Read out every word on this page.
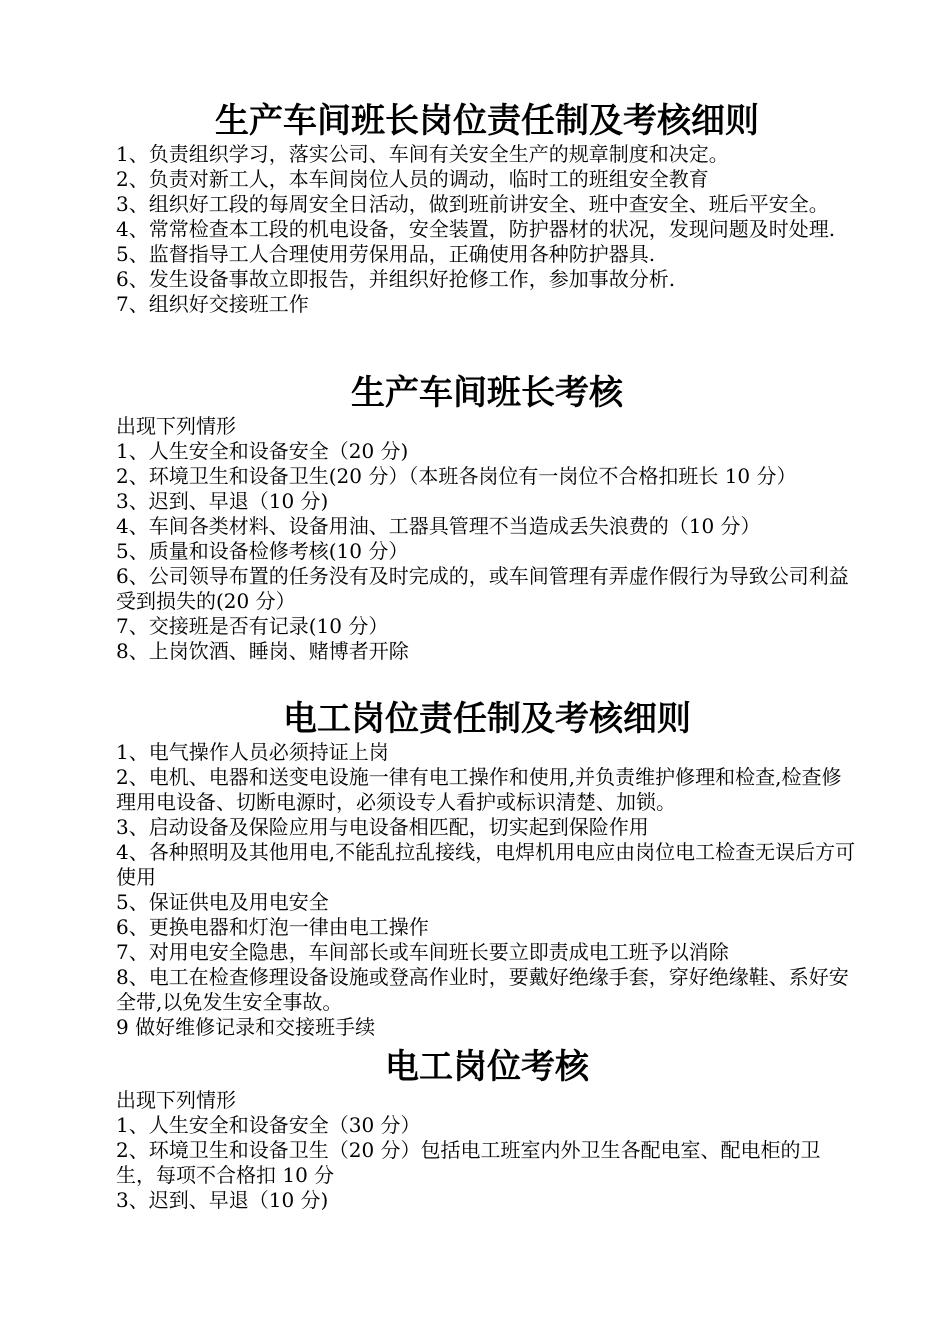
生产车间班长岗位责任制及考核细则

1、负责组织学习，落实公司、车间有关安全生产的规章制度和决定。

2、负责对新工人，本车间岗位人员的调动，临时工的班组安全教育

3、组织好工段的每周安全日活动，做到班前讲安全、班中查安全、班后平安全。

4、常常检查本工段的机电设备，安全装置，防护器材的状况，发现问题及时处理.

5、监督指导工人合理使用劳保用品，正确使用各种防护器具.

6、发生设备事故立即报告，并组织好抢修工作，参加事故分析.

7、组织好交接班工作

生产车间班长考核

出现下列情形

1、人生安全和设备安全（20 分)

2、环境卫生和设备卫生(20 分）（本班各岗位有一岗位不合格扣班长 10 分）

3、迟到、早退（10 分)

4、车间各类材料、设备用油、工器具管理不当造成丢失浪费的（10 分）

5、质量和设备检修考核(10 分）

6、公司领导布置的任务没有及时完成的，或车间管理有弄虚作假行为导致公司利益受到损失的(20 分）

7、交接班是否有记录(10 分）

8、上岗饮酒、睡岗、赌博者开除

电工岗位责任制及考核细则

1、电气操作人员必须持证上岗

2、电机、电器和送变电设施一律有电工操作和使用,并负责维护修理和检查,检查修理用电设备、切断电源时，必须设专人看护或标识清楚、加锁。

3、启动设备及保险应用与电设备相匹配，切实起到保险作用

4、各种照明及其他用电,不能乱拉乱接线，电焊机用电应由岗位电工检查无误后方可使用

5、保证供电及用电安全

6、更换电器和灯泡一律由电工操作

7、对用电安全隐患，车间部长或车间班长要立即责成电工班予以消除

8、电工在检查修理设备设施或登高作业时，要戴好绝缘手套，穿好绝缘鞋、系好安全带,以免发生安全事故。

9 做好维修记录和交接班手续

电工岗位考核

出现下列情形

1、人生安全和设备安全（30 分）

2、环境卫生和设备卫生（20 分）包括电工班室内外卫生各配电室、配电柜的卫生，每项不合格扣 10 分

3、迟到、早退（10 分)
